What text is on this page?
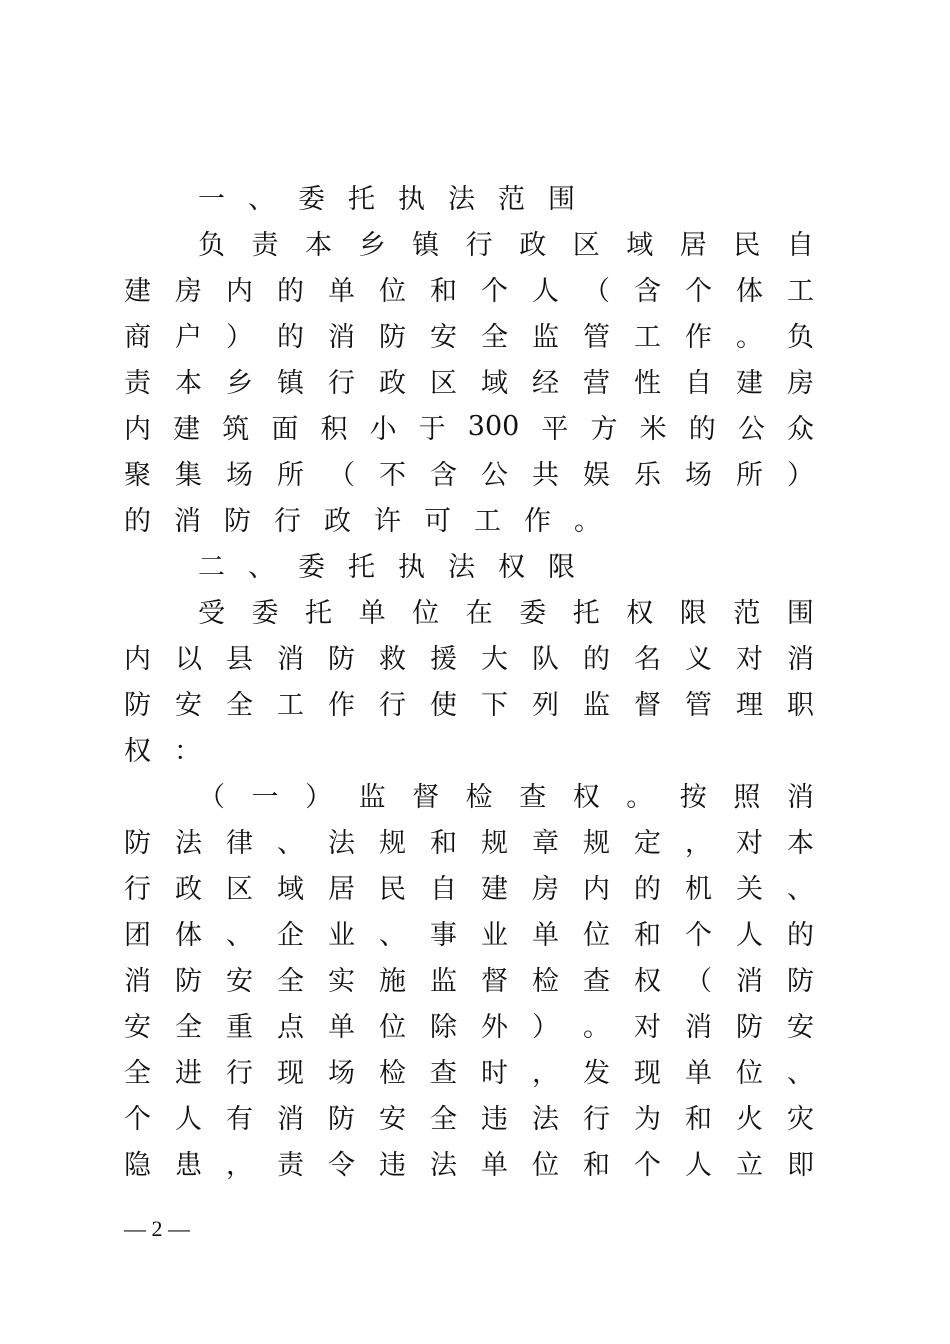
一 、 委 托 执 法 范 围
负 责 本 乡 镇 行 政 区 域 居 民 自
建 房 内 的 单 位 和 个 人 （ 含 个 体 工
商 户 ） 的 消 防 安 全 监 管 工 作 。 负
责 本 乡 镇 行 政 区 域 经 营 性 自 建 房
内 建 筑 面 积 小 于 300 平 方 米 的 公 众
聚 集 场 所 （ 不 含 公 共 娱 乐 场 所 ）
的 消 防 行 政 许 可 工 作 。
二 、 委 托 执 法 权 限
受 委 托 单 位 在 委 托 权 限 范 围
内 以 县 消 防 救 援 大 队 的 名 义 对 消
防 安 全 工 作 行 使 下 列 监 督 管 理 职
权 ：
（ 一 ） 监 督 检 查 权 。 按 照 消
防 法 律 、 法 规 和 规 章 规 定 ， 对 本
行 政 区 域 居 民 自 建 房 内 的 机 关 、
团 体 、 企 业 、 事 业 单 位 和 个 人 的
消 防 安 全 实 施 监 督 检 查 权 （ 消 防
安 全 重 点 单 位 除 外 ） 。 对 消 防 安
全 进 行 现 场 检 查 时 ， 发 现 单 位 、
个 人 有 消 防 安 全 违 法 行 为 和 火 灾
隐 患 ， 责 令 违 法 单 位 和 个 人 立 即
— 2 —
